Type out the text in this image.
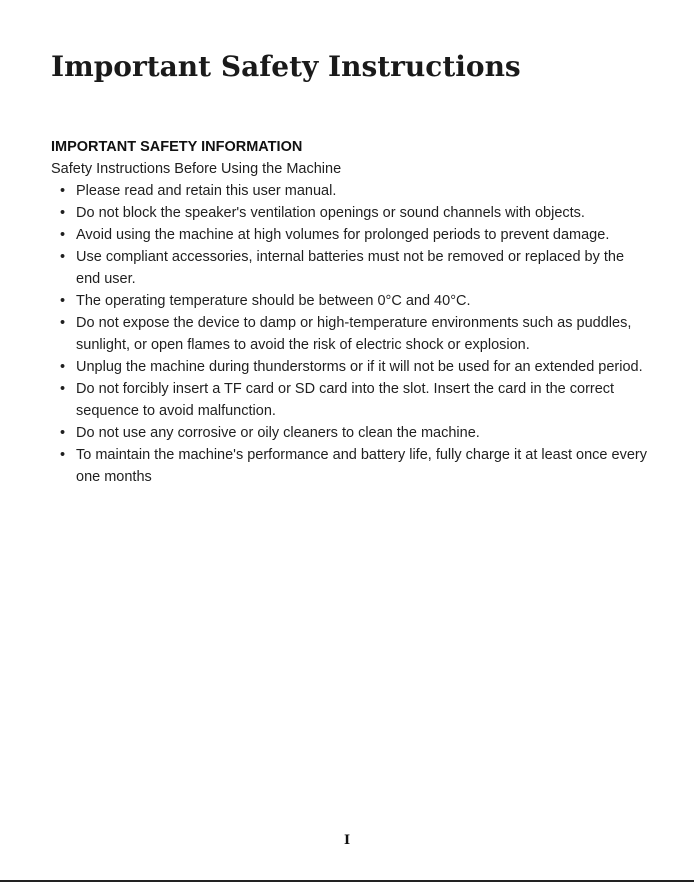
Important Safety Instructions

IMPORTANT SAFETY INFORMATION

Safety Instructions Before Using the Machine

• Please read and retain this user manual.
• Do not block the speaker's ventilation openings or sound channels with objects.
• Avoid using the machine at high volumes for prolonged periods to prevent damage.
• Use compliant accessories, internal batteries must not be removed or replaced by the end user.
• The operating temperature should be between 0°C and 40°C.
• Do not expose the device to damp or high-temperature environments such as puddles, sunlight, or open flames to avoid the risk of electric shock or explosion.
• Unplug the machine during thunderstorms or if it will not be used for an extended period.
• Do not forcibly insert a TF card or SD card into the slot. Insert the card in the correct sequence to avoid malfunction.
• Do not use any corrosive or oily cleaners to clean the machine.
• To maintain the machine's performance and battery life, fully charge it at least once every one months
I
